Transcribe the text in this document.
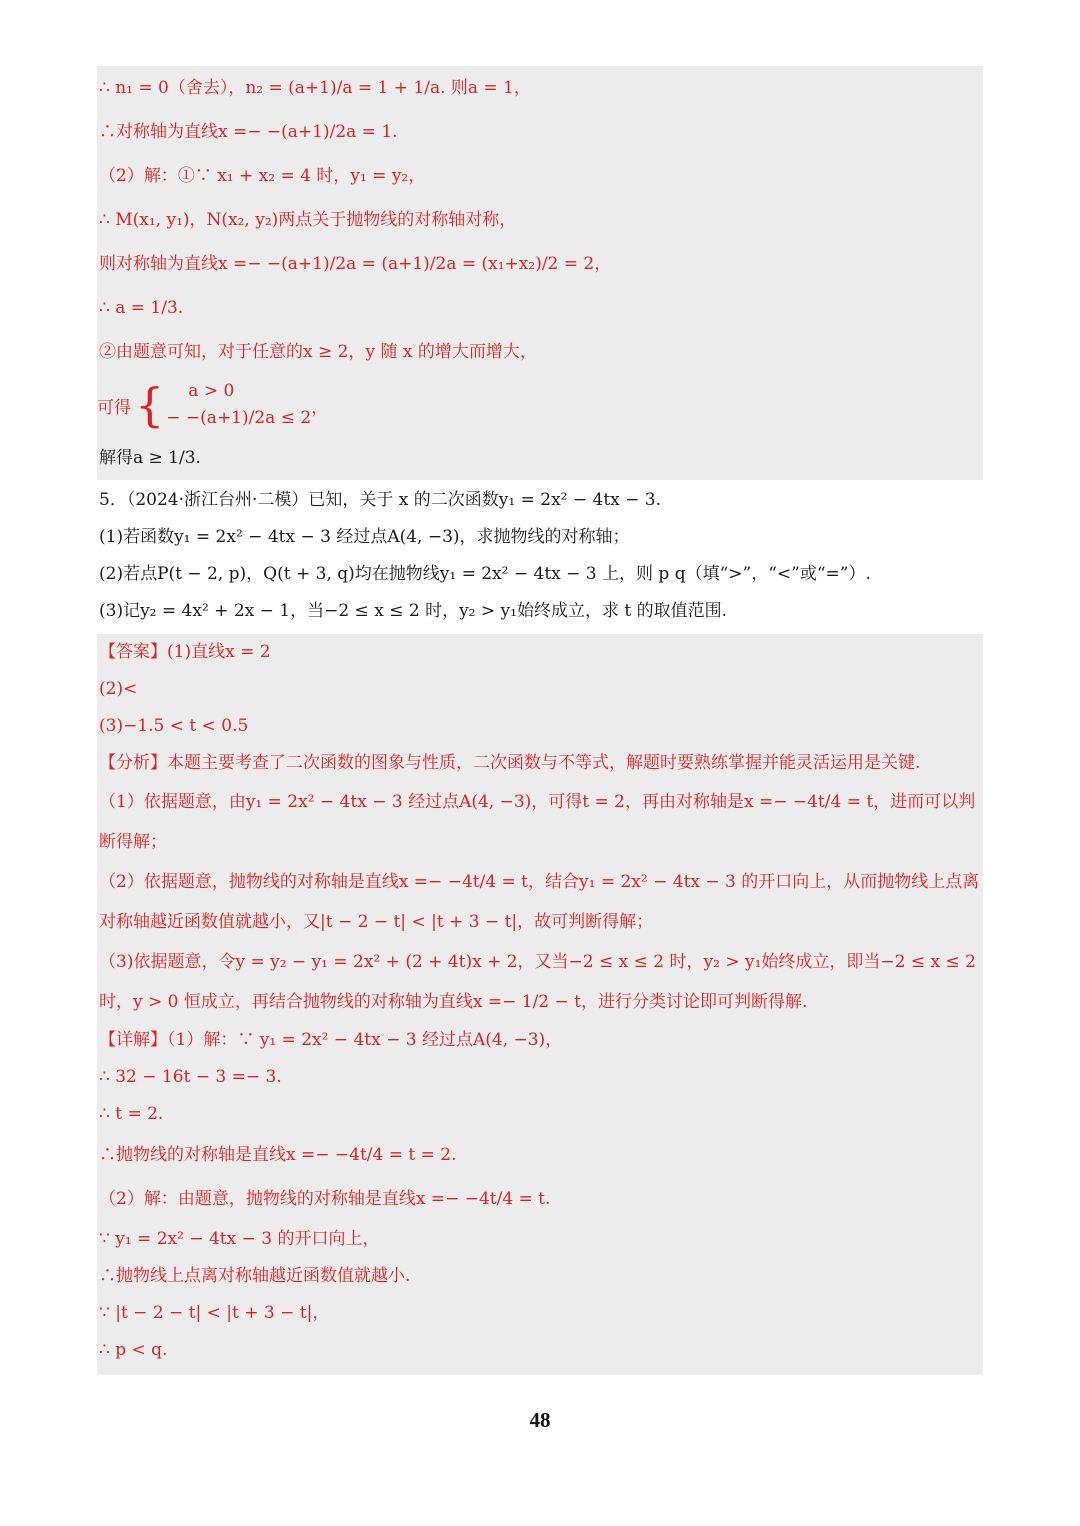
∴ n₁ = 0（舍去），n₂ = (a+1)/a = 1 + 1/a. 则a = 1，
∴对称轴为直线x =− −(a+1)/2a = 1.
（2）解：①∵ x₁ + x₂ = 4 时，y₁ = y₂，
∴ M(x₁, y₁)，N(x₂, y₂)两点关于抛物线的对称轴对称，
则对称轴为直线x =− −(a+1)/2a = (a+1)/2a = (x₁+x₂)/2 = 2，
∴ a = 1/3.
②由题意可知，对于任意的x ≥ 2，y 随 x 的增大而增大，
可得 {	a > 0
− −(a+1)/2a ≤ 2
，
解得a ≥ 1/3.
5．（2024·浙江台州·二模）已知，关于 x 的二次函数y₁ = 2x² − 4tx − 3.
(1)若函数y₁ = 2x² − 4tx − 3 经过点A(4, −3)，求抛物线的对称轴；
(2)若点P(t − 2, p)，Q(t + 3, q)均在抛物线y₁ = 2x² − 4tx − 3 上，则 p q（填“>”，“<”或“=”）.
(3)记y₂ = 4x² + 2x − 1，当−2 ≤ x ≤ 2 时，y₂ > y₁始终成立，求 t 的取值范围.
【答案】(1)直线x = 2
(2)<
(3)−1.5 < t < 0.5
【分析】本题主要考查了二次函数的图象与性质，二次函数与不等式，解题时要熟练掌握并能灵活运用是关键.
（1）依据题意，由y₁ = 2x² − 4tx − 3 经过点A(4, −3)，可得t = 2，再由对称轴是x =− −4t/4 = t，进而可以判断得解；
（2）依据题意，抛物线的对称轴是直线x =− −4t/4 = t，结合y₁ = 2x² − 4tx − 3 的开口向上，从而抛物线上点离对称轴越近函数值就越小，又|t − 2 − t| < |t + 3 − t|，故可判断得解；
（3)依据题意，令y = y₂ − y₁ = 2x² + (2 + 4t)x + 2，又当−2 ≤ x ≤ 2 时，y₂ > y₁始终成立，即当−2 ≤ x ≤ 2 时，y > 0 恒成立，再结合抛物线的对称轴为直线x =− 1/2 − t，进行分类讨论即可判断得解.
【详解】（1）解：∵ y₁ = 2x² − 4tx − 3 经过点A(4, −3)，
∴ 32 − 16t − 3 =− 3.
∴ t = 2.
∴抛物线的对称轴是直线x =− −4t/4 = t = 2.
（2）解：由题意，抛物线的对称轴是直线x =− −4t/4 = t.
∵ y₁ = 2x² − 4tx − 3 的开口向上，
∴抛物线上点离对称轴越近函数值就越小.
∵ |t − 2 − t| < |t + 3 − t|，
∴ p < q.
48
